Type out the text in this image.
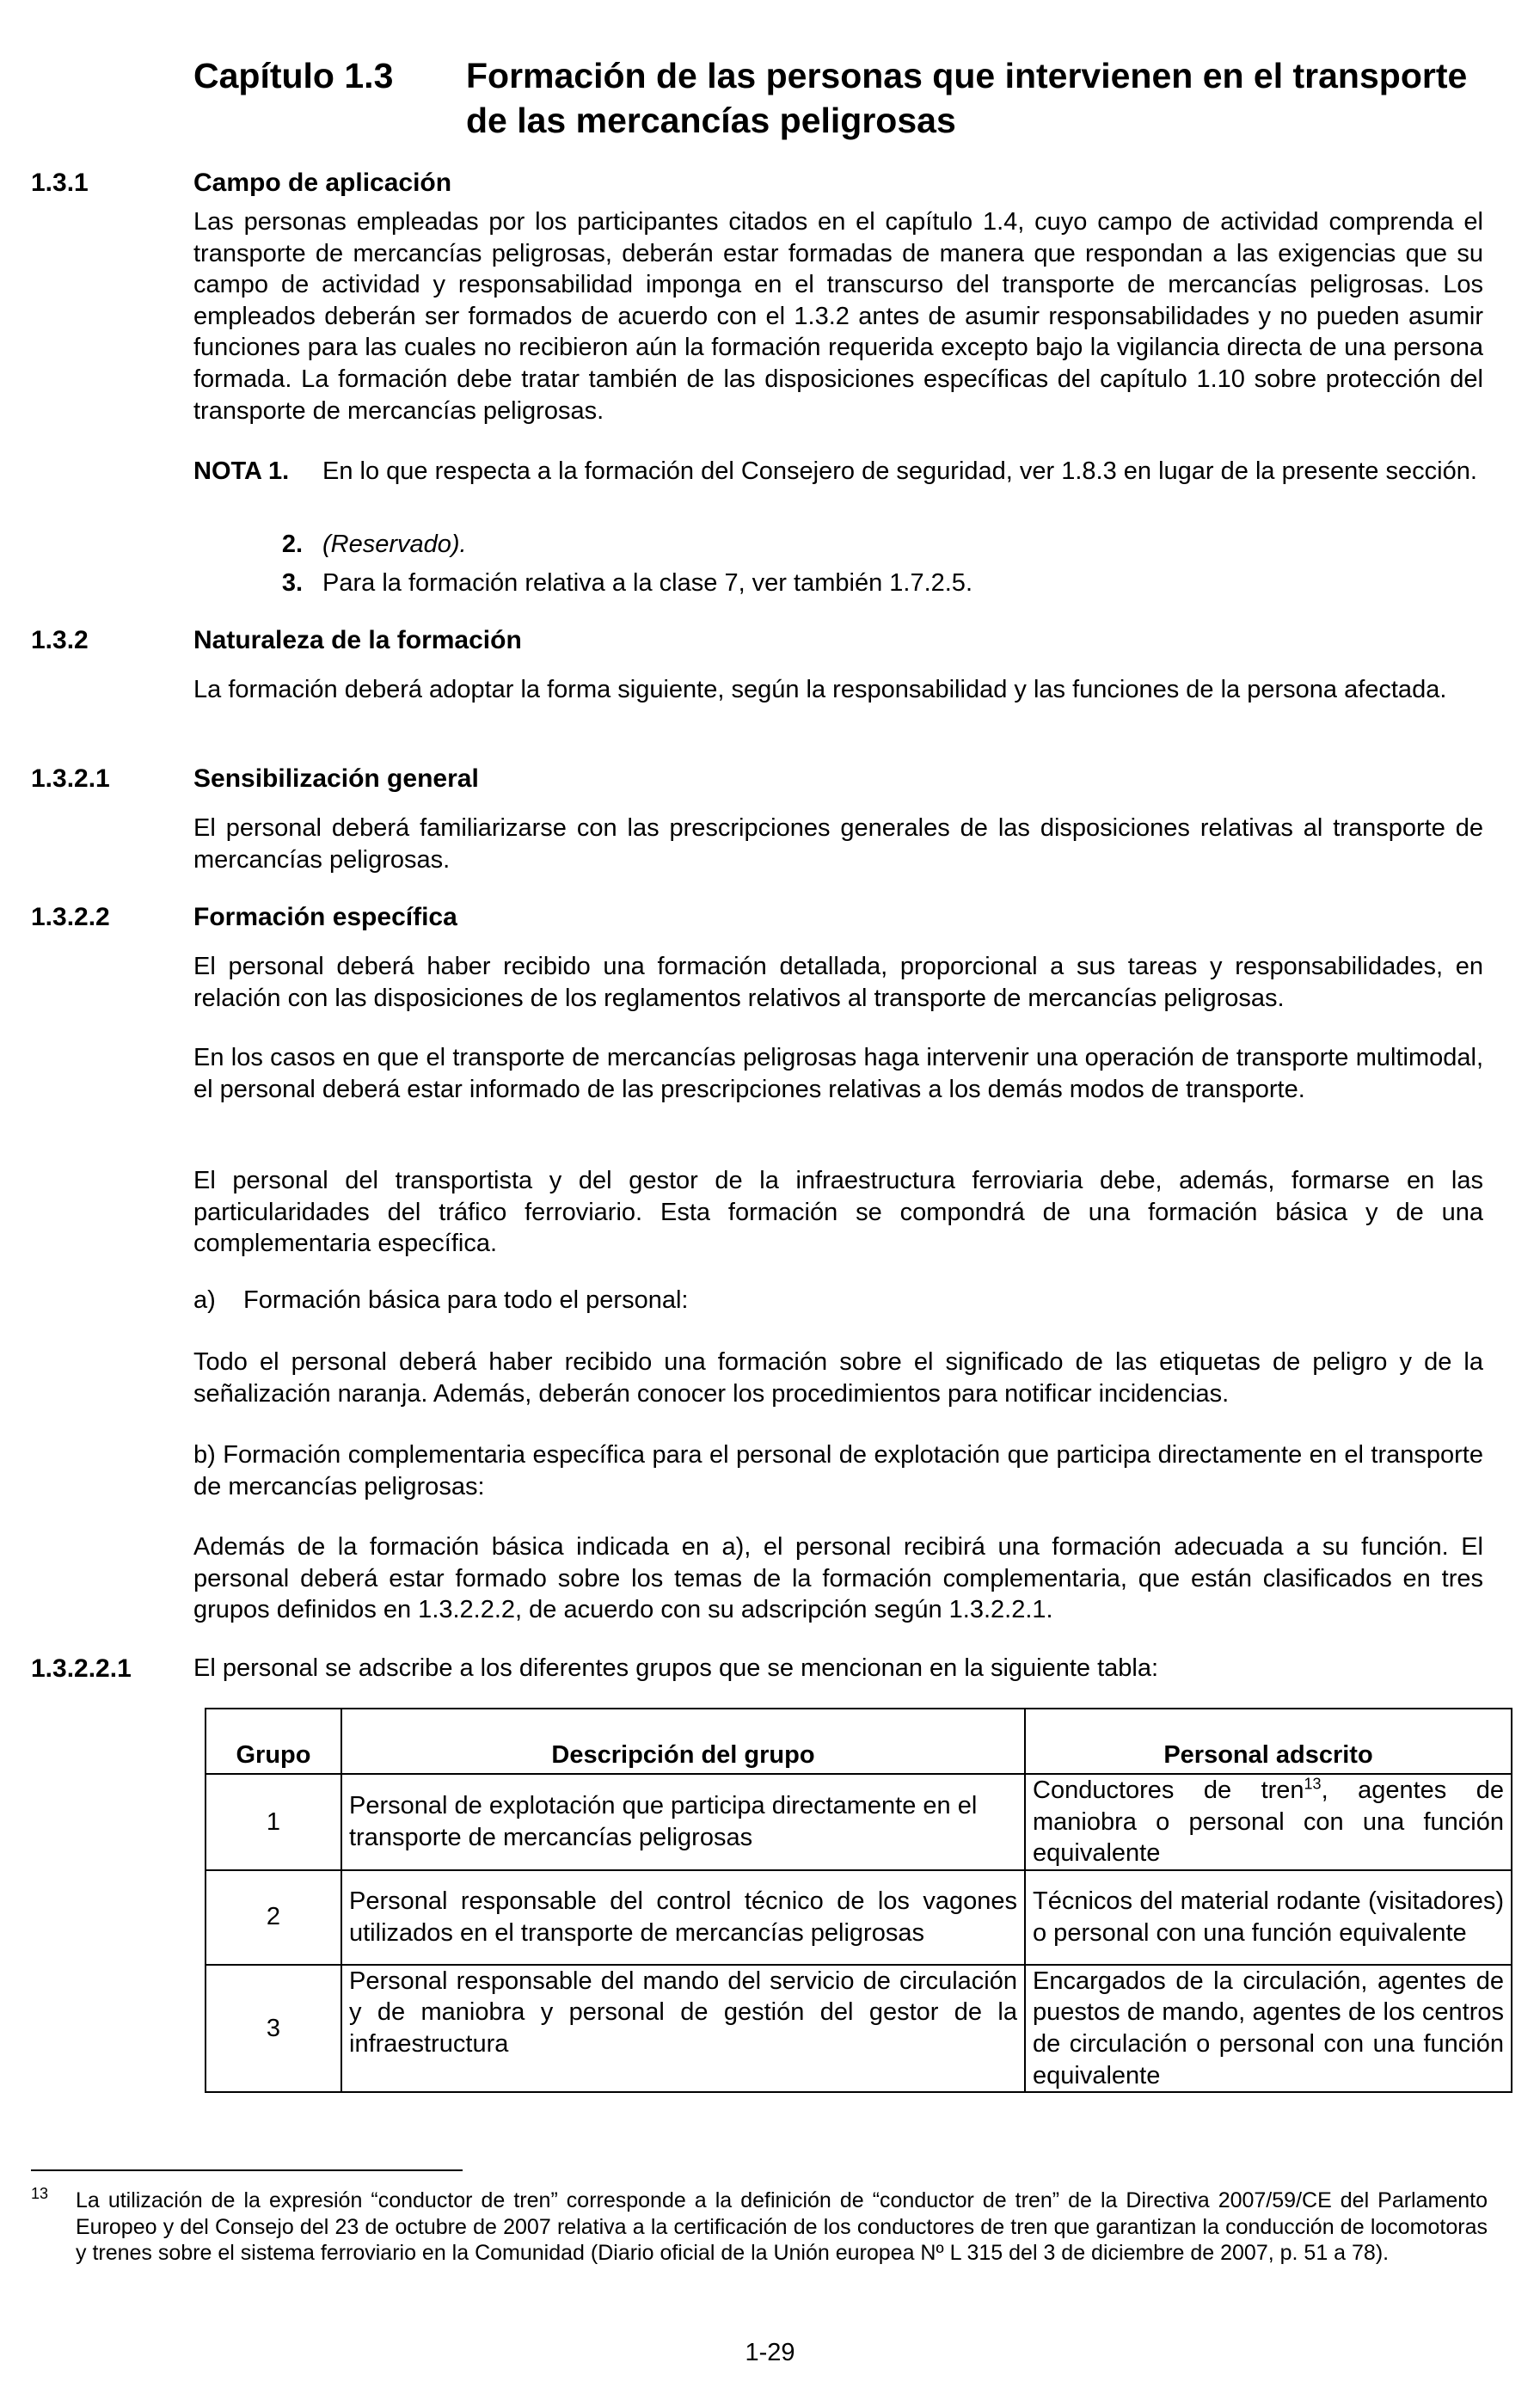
Capítulo 1.3 Formación de las personas que intervienen en el transporte de las mercancías peligrosas
1.3.1	Campo de aplicación
Las personas empleadas por los participantes citados en el capítulo 1.4, cuyo campo de actividad comprenda el transporte de mercancías peligrosas, deberán estar formadas de manera que respondan a las exigencias que su campo de actividad y responsabilidad imponga en el transcurso del transporte de mercancías peligrosas. Los empleados deberán ser formados de acuerdo con el 1.3.2 antes de asumir responsabilidades y no pueden asumir funciones para las cuales no recibieron aún la formación requerida excepto bajo la vigilancia directa de una persona formada. La formación debe tratar también de las disposiciones específicas del capítulo 1.10 sobre protección del transporte de mercancías peligrosas.
NOTA 1. En lo que respecta a la formación del Consejero de seguridad, ver 1.8.3 en lugar de la presente sección.
2. (Reservado).
3. Para la formación relativa a la clase 7, ver también 1.7.2.5.
1.3.2	Naturaleza de la formación
La formación deberá adoptar la forma siguiente, según la responsabilidad y las funciones de la persona afectada.
1.3.2.1	Sensibilización general
El personal deberá familiarizarse con las prescripciones generales de las disposiciones relativas al transporte de mercancías peligrosas.
1.3.2.2	Formación específica
El personal deberá haber recibido una formación detallada, proporcional a sus tareas y responsabilidades, en relación con las disposiciones de los reglamentos relativos al transporte de mercancías peligrosas.
En los casos en que el transporte de mercancías peligrosas haga intervenir una operación de transporte multimodal, el personal deberá estar informado de las prescripciones relativas a los demás modos de transporte.
El personal del transportista y del gestor de la infraestructura ferroviaria debe, además, formarse en las particularidades del tráfico ferroviario. Esta formación se compondrá de una formación básica y de una complementaria específica.
a) Formación básica para todo el personal:
Todo el personal deberá haber recibido una formación sobre el significado de las etiquetas de peligro y de la señalización naranja. Además, deberán conocer los procedimientos para notificar incidencias.
b) Formación complementaria específica para el personal de explotación que participa directamente en el transporte de mercancías peligrosas:
Además de la formación básica indicada en a), el personal recibirá una formación adecuada a su función. El personal deberá estar formado sobre los temas de la formación complementaria, que están clasificados en tres grupos definidos en 1.3.2.2.2, de acuerdo con su adscripción según 1.3.2.2.1.
1.3.2.2.1 El personal se adscribe a los diferentes grupos que se mencionan en la siguiente tabla:
Grupo	Descripción del grupo	Personal adscrito
1	Personal de explotación que participa directamente en el transporte de mercancías peligrosas	Conductores de tren$^{13}$, agentes de maniobra o personal con una función equivalente
2	Personal responsable del control técnico de los vagones utilizados en el transporte de mercancías peligrosas	Técnicos del material rodante (visitadores) o personal con una función equivalente
3	Personal responsable del mando del servicio de circulación y de maniobra y personal de gestión del gestor de la infraestructura	Encargados de la circulación, agentes de puestos de mando, agentes de los centros de circulación o personal con una función equivalente
13 La utilización de la expresión “conductor de tren” corresponde a la definición de “conductor de tren” de la Directiva 2007/59/CE del Parlamento Europeo y del Consejo del 23 de octubre de 2007 relativa a la certificación de los conductores de tren que garantizan la conducción de locomotoras y trenes sobre el sistema ferroviario en la Comunidad (Diario oficial de la Unión europea Nº L 315 del 3 de diciembre de 2007, p. 51 a 78).
1-29
